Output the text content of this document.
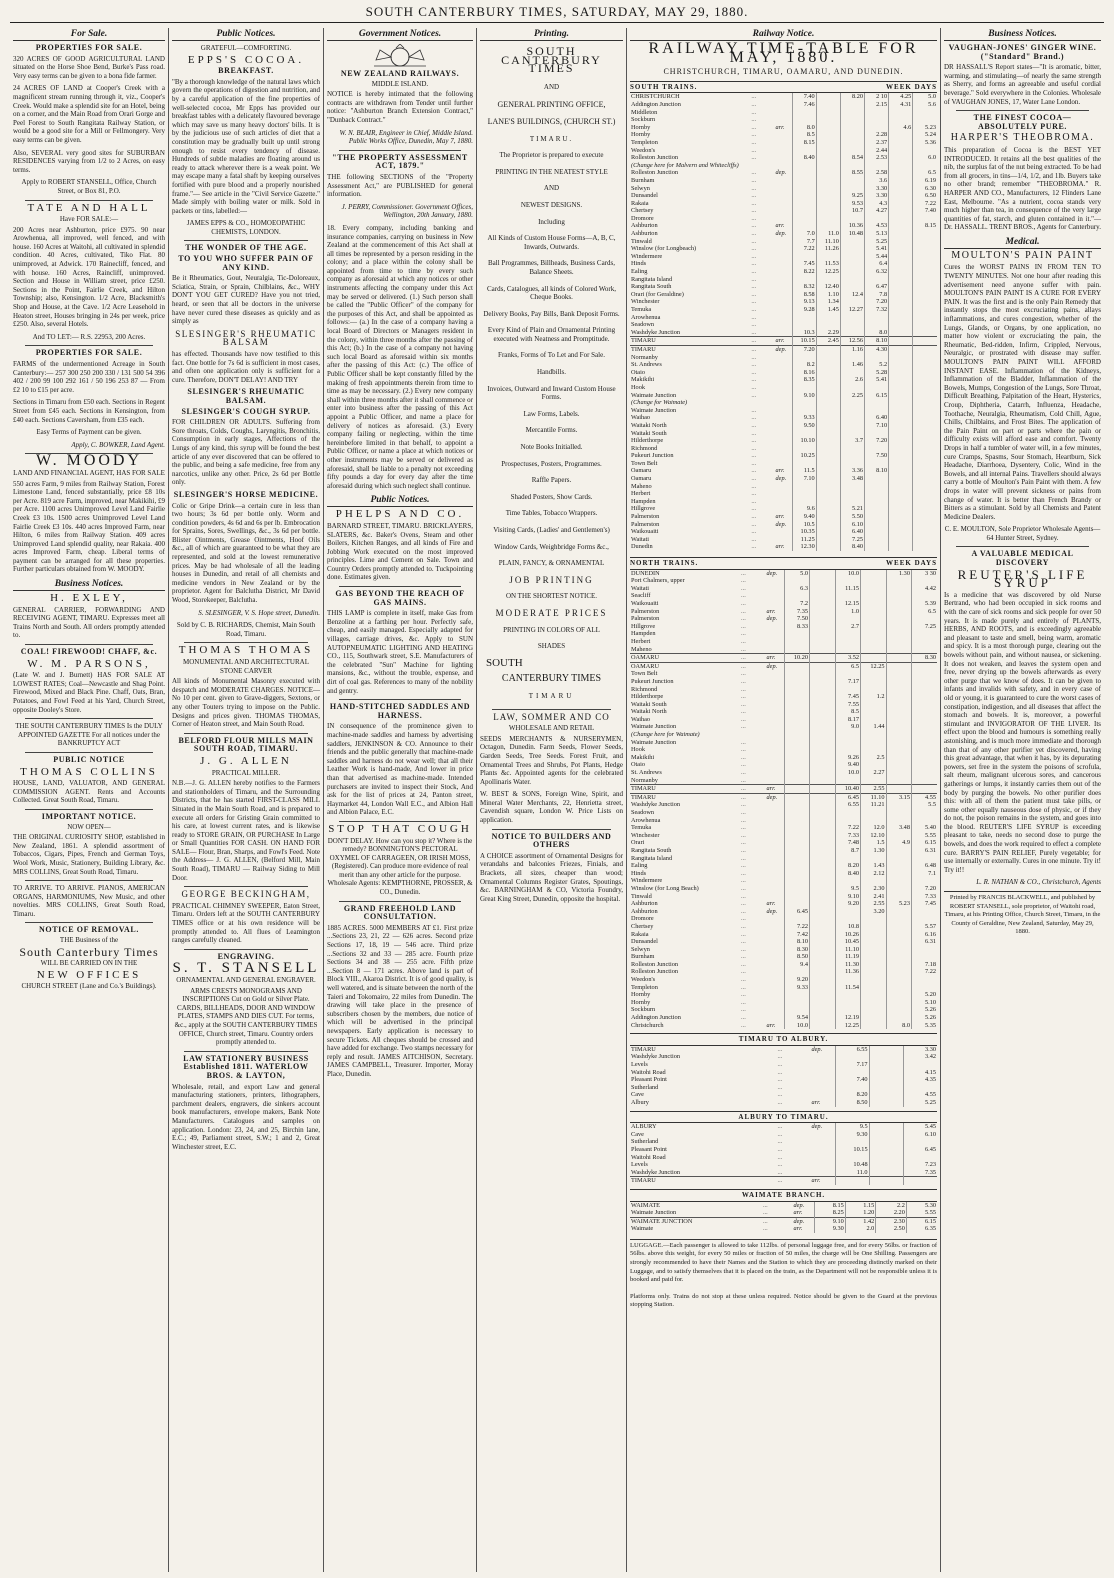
SOUTH CANTERBURY TIMES, SATURDAY, MAY 29, 1880.
For Sale.
PROPERTIES FOR SALE.
320 ACRES OF GOOD AGRICULTURAL LAND situated on the Horse Shoe Bend, Burke's Pass road. Very easy terms can be given to a bona fide farmer.
24 ACRES OF LAND at Cooper's Creek with a magnificent stream running through it, viz., Cooper's Creek. Would make a splendid site for an Hotel, being on a corner, and the Main Road from Orari Gorge and Peel Forest to South Rangitata Railway Station, or would be a good site for a Mill or Fellmongery. Very easy terms can be given.
Also, SEVERAL very good sites for SUBURBAN RESIDENCES varying from 1/2 to 2 Acres, on easy terms.
Apply to ROBERT STANSELL, Office, Church Street, or Box 81, P.O.
TATE AND HALL
Have FOR SALE:—
200 Acres near Ashburton, price £975. 90 near Arowhenua, all improved, well fenced, and with house. 160 Acres at Waitohi, all cultivated in splendid condition. 40 Acres, cultivated, Tiko Flat. 80 unimproved, at Adwick. 170 Rainecliff, fenced, and with house. 160 Acres, Raincliff, unimproved. Section and House in William street, price £250. Sections in the Point, Fairlie Creek, and Hilton Township; also, Kensington. 1/2 Acre, Blacksmith's Shop and House, at the Cave. 1/2 Acre Leasehold in Heaton street, Houses bringing in 24s per week, price £250. Also, several Hotels.
And TO LET:— R.S. 22953, 200 Acres.
PROPERTIES FOR SALE.
FARMS of the undermentioned Acreage in South Canterbury:— 257 300 250 200 330 / 131 500 54 396 402 / 200 99 100 292 161 / 50 196 253 87 — From £2 10 to £15 per acre.
Sections in Timaru from £50 each. Sections in Regent Street from £45 each. Sections in Kensington, from £40 each. Sections Caversham, from £35 each.
Easy Terms of Payment can be given.
Apply, C. BOWKER, Land Agent.
W. MOODY
LAND AND FINANCIAL AGENT, HAS FOR SALE
550 acres Farm, 9 miles from Railway Station, Forest Limestone Land, fenced substantially, price £8 10s per Acre. 819 acre Farm, improved, near Makikihi, £9 per Acre. 1100 acres Unimproved Level Land Fairlie Creek £3 10s. 1500 acres Unimproved Level Land Fairlie Creek £3 10s. 440 acres Improved Farm, near Hilton, 6 miles from Railway Station. 409 acres Unimproved Land splendid quality, near Rakaia. 400 acres Improved Farm, cheap. Liberal terms of payment can be arranged for all these properties. Further particulars obtained from W. MOODY.
Business Notices.
H. EXLEY,
GENERAL CARRIER, FORWARDING AND RECEIVING AGENT, TIMARU. Expresses meet all Trains North and South. All orders promptly attended to.
COAL! FIREWOOD! CHAFF, &c.
W. M. PARSONS,
(Late W. and J. Burnett) HAS FOR SALE AT LOWEST RATES; Coal—Newcastle and Shag Point. Firewood, Mixed and Black Pine. Chaff, Oats, Bran, Potatoes, and Fowl Feed at his Yard, Church Street, opposite Dooley's Store.
THE SOUTH CANTERBURY TIMES Is the DULY APPOINTED GAZETTE For all notices under the BANKRUPTCY ACT
PUBLIC NOTICE
THOMAS COLLINS
HOUSE, LAND, VALUATOR, AND GENERAL COMMISSION AGENT. Rents and Accounts Collected. Great South Road, Timaru.
IMPORTANT NOTICE.
NOW OPEN—
THE ORIGINAL CURIOSITY SHOP, established in New Zealand, 1861. A splendid assortment of Tobaccos, Cigars, Pipes, French and German Toys, Wool Work, Music, Stationery, Building Library, &c. MRS COLLINS, Great South Road, Timaru.
TO ARRIVE. TO ARRIVE. PIANOS, AMERICAN ORGANS, HARMONIUMS, New Music, and other novelties. MRS COLLINS, Great South Road, Timaru.
NOTICE OF REMOVAL.
THE Business of the
South Canterbury Times
WILL BE CARRIED ON IN THE
NEW OFFICES
CHURCH STREET (Lane and Co.'s Buildings).
Public Notices.
GRATEFUL—COMFORTING.
EPPS'S COCOA.
BREAKFAST.
"By a thorough knowledge of the natural laws which govern the operations of digestion and nutrition, and by a careful application of the fine properties of well-selected cocoa, Mr Epps has provided our breakfast tables with a delicately flavoured beverage which may save us many heavy doctors' bills. It is by the judicious use of such articles of diet that a constitution may be gradually built up until strong enough to resist every tendency of disease. Hundreds of subtle maladies are floating around us ready to attack wherever there is a weak point. We may escape many a fatal shaft by keeping ourselves fortified with pure blood and a properly nourished frame."— See article in the "Civil Service Gazette." Made simply with boiling water or milk. Sold in packets or tins, labelled:—
JAMES EPPS & CO., HOMOEOPATHIC CHEMISTS, LONDON.
THE WONDER OF THE AGE.
TO YOU WHO SUFFER PAIN OF ANY KIND.
Be it Rheumatics, Gout, Neuralgia, Tic-Doloreaux, Sciatica, Strain, or Sprain, Chilblains, &c., WHY DON'T YOU GET CURED? Have you not tried, heard, or seen that all be doctors in the universe have never cured these diseases as quickly and as simply as
SLESINGER'S RHEUMATIC BALSAM
has effected. Thousands have now testified to this fact. One bottle for 7s 6d is sufficient in most cases, and often one application only is sufficient for a cure. Therefore, DON'T DELAY! AND TRY
SLESINGER'S RHEUMATIC BALSAM.
SLESINGER'S COUGH SYRUP.
FOR CHILDREN OR ADULTS. Suffering from Sore throats, Colds, Coughs, Laryngitis, Bronchitis, Consumption in early stages, Affections of the Lungs of any kind, this syrup will be found the best article of any ever discovered that can be offered to the public, and being a safe medicine, free from any narcotics, unlike any other. Price, 2s 6d per Bottle only.
SLESINGER'S HORSE MEDICINE.
Colic or Gripe Drink—a certain cure in less than two hours; 3s 6d per bottle only. Worm and condition powders, 4s 6d and 6s per lb. Embrocation for Sprains, Sores, Swellings, &c., 3s 6d per bottle. Blister Ointments, Grease Ointments, Hoof Oils &c., all of which are guaranteed to be what they are represented, and sold at the lowest remunerative prices. May be had wholesale of all the leading houses in Dunedin, and retail of all chemists and medicine vendors in New Zealand or by the proprietor. Agent for Balclutha District, Mr David Wood, Storekeeper, Balclutha.
S. SLESINGER, V. S. Hope street, Dunedin.
Sold by C. B. RICHARDS, Chemist, Main South Road, Timaru.
THOMAS THOMAS
MONUMENTAL AND ARCHITECTURAL STONE CARVER
All kinds of Monumental Masonry executed with despatch and MODERATE CHARGES. NOTICE—No 10 per cent. given to Grave-diggers, Sextons, or any other Touters trying to impose on the Public. Designs and prices given. THOMAS THOMAS, Corner of Heaton street, and Main South Road.
BELFORD FLOUR MILLS MAIN SOUTH ROAD, TIMARU.
J. G. ALLEN
PRACTICAL MILLER.
N.B.—J. G. ALLEN hereby notifies to the Farmers and stationholders of Timaru, and the Surrounding Districts, that he has started FIRST-CLASS MILL Situated in the Main South Road, and is prepared to execute all orders for Gristing Grain committed to his care, at lowest current rates, and is likewise ready to STORE GRAIN, OR PURCHASE In Large or Small Quantities FOR CASH. ON HAND FOR SALE— Flour, Bran, Sharps, and Fowl's Feed. Note the Address— J. G. ALLEN, (Belford Mill, Main South Road), TIMARU — Railway Siding to Mill Door.
GEORGE BECKINGHAM,
PRACTICAL CHIMNEY SWEEPER, Eaton Street, Timaru. Orders left at the SOUTH CANTERBURY TIMES office or at his own residence will be promptly attended to. All flues of Leamington ranges carefully cleaned.
ENGRAVING.
S. T. STANSELL
ORNAMENTAL AND GENERAL ENGRAVER.
ARMS CRESTS MONOGRAMS AND INSCRIPTIONS Cut on Gold or Silver Plate. CARDS, BILLHEADS, DOOR AND WINDOW PLATES, STAMPS AND DIES CUT. For terms, &c., apply at the SOUTH CANTERBURY TIMES OFFICE, Church street, Timaru. Country orders promptly attended to.
LAW STATIONERY BUSINESS Established 1811. WATERLOW BROS. & LAYTON,
Wholesale, retail, and export Law and general manufacturing stationers, printers, lithographers, parchment dealers, engravers, die sinkers account book manufacturers, envelope makers, Bank Note Manufacturers. Catalogues and samples on application. London: 23, 24, and 25, Birchin lane, E.C.; 49, Parliament street, S.W.; 1 and 2, Great Winchester street, E.C.
Government Notices.
NEW ZEALAND RAILWAYS.
MIDDLE ISLAND.
NOTICE is hereby intimated that the following contracts are withdrawn from Tender until further notice: "Ashburton Branch Extension Contract," "Dunback Contract."
W. N. BLAIR, Engineer in Chief, Middle Island. Public Works Office, Dunedin, May 7, 1880.
"THE PROPERTY ASSESSMENT ACT, 1879."
THE following SECTIONS of the "Property Assessment Act," are PUBLISHED for general information.
J. PERRY, Commissioner. Government Offices, Wellington, 20th January, 1880.
18. Every company, including banking and insurance companies, carrying on business in New Zealand at the commencement of this Act shall at all times be represented by a person residing in the colony; and a place within the colony shall be appointed from time to time by every such company as aforesaid at which any notices or other instruments affecting the company under this Act may be served or delivered. (1.) Such person shall be called the "Public Officer" of the company for the purposes of this Act, and shall be appointed as follows:— (a.) In the case of a company having a local Board of Directors or Managers resident in the colony, within three months after the passing of this Act; (b.) In the case of a company not having such local Board as aforesaid within six months after the passing of this Act: (c.) The office of Public Officer shall be kept constantly filled by the making of fresh appointments therein from time to time as may be necessary. (2.) Every new company shall within three months after it shall commence or enter into business after the passing of this Act appoint a Public Officer, and name a place for delivery of notices as aforesaid. (3.) Every company failing or neglecting, within the time hereinbefore limited in that behalf, to appoint a Public Officer, or name a place at which notices or other instruments may be served or delivered as aforesaid, shall be liable to a penalty not exceeding fifty pounds a day for every day after the time aforesaid during which such neglect shall continue.
Public Notices.
PHELPS AND CO.
BARNARD STREET, TIMARU. BRICKLAYERS, SLATERS, &c. Baker's Ovens, Steam and other Boilers, Kitchen Ranges, and all kinds of Fire and Jobbing Work executed on the most improved principles. Lime and Cement on Sale. Town and Country Orders promptly attended to. Tuckpointing done. Estimates given.
GAS BEYOND THE REACH OF GAS MAINS.
THIS LAMP is complete in itself, make Gas from Benzoline at a farthing per hour. Perfectly safe, cheap, and easily managed. Especially adapted for villages, carriage drives, &c. Apply to SUN AUTOPNEUMATIC LIGHTING AND HEATING CO., 115, Southwark street, S.E. Manufacturers of the celebrated "Sun" Machine for lighting mansions, &c., without the trouble, expense, and dirt of coal gas. References to many of the nobility and gentry.
HAND-STITCHED SADDLES AND HARNESS.
IN consequence of the prominence given to machine-made saddles and harness by advertising saddlers, JENKINSON & CO. Announce to their friends and the public generally that machine-made saddles and harness do not wear well; that all their Leather Work is hand-made, And lower in price than that advertised as machine-made. Intended purchasers are invited to inspect their Stock, And ask for the list of prices at 24, Panton street, Haymarket 44, London Wall E.C., and Albion Hall and Albion Palace, E.C.
STOP THAT COUGH
DON'T DELAY. How can you stop it? Where is the remedy? BONNINGTON'S PECTORAL OXYMEL OF CARRAGEEN, OR IRISH MOSS, (Registered). Can produce more evidence of real merit than any other article for the purpose. Wholesale Agents: KEMPTHORNE, PROSSER, & CO., Dunedin.
GRAND FREEHOLD LAND CONSULTATION.
1885 ACRES. 5000 MEMBERS AT £1. First prize ...Sections 23, 21, 22 — 626 acres. Second prize Sections 17, 18, 19 — 546 acre. Third prize ...Sections 32 and 33 — 285 acre. Fourth prize Sections 34 and 38 — 255 acre. Fifth prize ...Section 8 — 171 acres. Above land is part of Block VIII., Akaroa District. It is of good quality, is well watered, and is situate between the north of the Taieri and Tokomairo, 22 miles from Dunedin. The drawing will take place in the presence of subscribers chosen by the members, due notice of which will be advertised in the principal newspapers. Early application is necessary to secure Tickets. All cheques should be crossed and have added for exchange. Two stamps necessary for reply and result. JAMES AITCHISON, Secretary. JAMES CAMPBELL, Treasurer. Importer, Moray Place, Dunedin.
Printing.
SOUTH CANTERBURY TIMES
AND
GENERAL PRINTING OFFICE,
LANE'S BUILDINGS, (CHURCH ST.)
TIMARU.
The Proprietor is prepared to execute
PRINTING IN THE NEATEST STYLE
AND
NEWEST DESIGNS.
Including
All Kinds of Custom House Forms—A, B, C, Inwards, Outwards.
Ball Programmes, Billheads, Business Cards, Balance Sheets.
Cards, Catalogues, all kinds of Colored Work, Cheque Books.
Delivery Books, Pay Bills, Bank Deposit Forms.
Every Kind of Plain and Ornamental Printing executed with Neatness and Promptitude.
Franks, Forms of To Let and For Sale.
Handbills.
Invoices, Outward and Inward Custom House Forms.
Law Forms, Labels.
Mercantile Forms.
Note Books Initialled.
Prospectuses, Posters, Programmes.
Raffle Papers.
Shaded Posters, Show Cards.
Time Tables, Tobacco Wrappers.
Visiting Cards, (Ladies' and Gentlemen's)
Window Cards, Weighbridge Forms &c.,
PLAIN, FANCY, & ORNAMENTAL
JOB PRINTING
ON THE SHORTEST NOTICE.
MODERATE PRICES
PRINTING IN COLORS OF ALL
SHADES
SOUTH
CANTERBURY TIMES
TIMARU
LAW, SOMMER AND CO
WHOLESALE AND RETAIL
SEEDS MERCHANTS & NURSERYMEN, Octagon, Dunedin. Farm Seeds, Flower Seeds, Garden Seeds, Tree Seeds. Forest Fruit, and Ornamental Trees and Shrubs, Pot Plants, Hedge Plants &c. Appointed agents for the celebrated Apollinaris Water.
W. BEST & SONS, Foreign Wine, Spirit, and Mineral Water Merchants, 22, Henrietta street, Cavendish square, London W. Price Lists on application.
NOTICE TO BUILDERS AND OTHERS
A CHOICE assortment of Ornamental Designs for verandahs and balconies Friezes, Finials, and Brackets, all sizes, cheaper than wood; Ornamental Columns Register Grates, Spoutings, &c. BARNINGHAM & CO, Victoria Foundry, Great King Street, Dunedin, opposite the hospital.
Railway Notice.
RAILWAY TIME-TABLE FOR MAY, 1880.
CHRISTCHURCH, TIMARU, OAMARU, AND DUNEDIN.
SOUTH TRAINS.	WEEK DAYS
CHRISTCHURCH	...		7.40		8.20	2 10	4.25	5.0
Addington Junction	...		7.46			2.15	4.31	5.6
Middleton	...							
Sockburn	...							
Hornby	...	arr.	8.0				4.6	5.23
Hornby	...		8.5			2.28		5.24
Templeton	...		8.15			2.37		5.36
Weedon's	...					2.44		
Rolleston Junction	...		8.40		8.54	2.53		6.0
(Change here for Malvern and Whitecliffs)								
Rolleston Junction	...	dep.			8.55	2.58		6.5
Burnham	...					3.6		6.19
Selwyn	...					3.30		6.30
Dunsandel	...				9.25	3.30		6.50
Rakaia	...				9.53	4.3		7.22
Chertsey	...				10.7	4.27		7.40
Dromore	...							
Ashburton	...	arr.			10.36	4.53		8.15
Ashburton	...	dep.	7.0	11.0	10.48	5.13		
Tinwald	...		7.7	11.10		5.25		
Winslow (for Longbeach)	...		7.22	11.26		5.41		
Windermere	...					5.44		
Hinds	...		7.45	11.53		6.4		
Ealing	...		8.22	12.25		6.32		
Rangitata Island	...							
Rangitata South	...		8.32	12.40		6.47		
Orari (for Geraldine)	...		8.58	1.10	12.4	7.8		
Winchester	...		9.13	1.34		7.20		
Temuka	...		9.28	1.45	12.27	7.32		
Arowhenua	...							
Seadown	...							
Washdyke Junction	...		10.3	2.29		8.0		
TIMARU	...	arr.	10.15	2.45	12.56	8.10		
TIMARU	...	dep.	7.20		1.16	4.30		
Normanby	...							
St. Andrews	...		8.2		1.46	5.2		
Otaio	...		8.16			5.28		
Makikihi	...		8.35		2.6	5.41		
Hook	...							
Waimate Junction	...		9.10		2.25	6.15		
(Change for Waimate)								
Waimate Junction	...							
Waihao	...		9.33			6.40		
Waitaki North	...		9.50			7.10		
Waitaki South	...							
Hilderthorpe	...		10.10		3.7	7.20		
Richmond	...							
Pukeuri Junction	...		10.25			7.50		
Town Belt	...							
Oamaru	...	arr.	11.5		3.36	8.10		
Oamaru	...	dep.	7.10		3.48			
Maheno	...							
Herbert	...							
Hampden	...							
Hillgrove	...		9.6		5.21			
Palmerston	...	arr.	9.40		5.50			
Palmerston	...	dep.	10.5		6.10			
Waikouaiti	...		10.35		6.40			
Waitati	...		11.25		7.25			
Dunedin	...	arr.	12.30		8.40			
NORTH TRAINS.	WEEK DAYS
DUNEDIN	...	dep.	5.0		10.0		1.30	3 30
Port Chalmers, upper	...							
Waitati	...		6.3		11.15			4.42
Seacliff	...							
Waikouaiti	...		7.2		12.15			5.39
Palmerston	...	arr.	7.35		1.0			6.5
Palmerston	...	dep.	7.50					
Hillgrove	...		8.33		2.7			7.25
Hampden	...							
Herbert	...							
Maheno	...							
OAMARU	...	arr.	10.20		3.52			8.30
OAMARU	...	dep.			6.5	12.25		
Town Belt	...							
Pukeuri Junction	...				7.17			
Richmond	...							
Hilderthorpe	...				7.45	1.2		
Waitaki South	...				7.55			
Waitaki North	...				8.5			
Waihao	...				8.17			
Waimate Junction	...				9.0	1.44		
(Change here for Waimate)								
Waimate Junction	...							
Hook	...							
Makikihi	...				9.26	2.5		
Otaio	...				9.40			
St. Andrews	...				10.0	2.27		
Normanby	...							
TIMARU	...	arr.			10.40	2.55		
TIMARU	...	dep.			6.45	11.10	3.15	4.55
Washdyke Junction	...				6.55	11.21		5.5
Seadown	...							
Arowhenua	...							
Temuka	...				7.22	12.0	3.48	5.40
Winchester	...				7.33	12.10		5.55
Orari	...				7.48	1.5	4.9	6.15
Rangitata South	...				8.7	1.30		6.31
Rangitata Island	...							
Ealing	...				8.20	1.43		6.48
Hinds	...				8.40	2.12		7.1
Windermere	...							
Winslow (for Long Beach)	...				9.5	2.30		7.20
Tinwald	...				9.10	2.41		7.33
Ashburton	...	arr.			9.20	2.55	5.23	7.45
Ashburton	...	dep.	6.45			3.20		
Dromore	...							
Chertsey	...		7.22		10.8			5.57
Rakaia	...		7.42		10.26			6.16
Dunsandel	...		8.10		10.45			6.31
Selwyn	...		8.30		11.10			
Burnham	...		8.50		11.19			
Rolleston Junction	...		9.4		11.30			7.18
Rolleston Junction	...				11.36			7.22
Weedon's	...		9.20					
Templeton	...		9.33		11.54			
Hornby	...							5.20
Hornby	...							5.10
Sockburn	...							5.26
Addington Junction	...		9.54		12.19			5.26
Christchurch	...	arr.	10.0		12.25		8.0	5.35
TIMARU TO ALBURY.
TIMARU	...	dep.	6.55		3.30
Washdyke Junction	...				3.42
Levels	...		7.17		
Waitohi Road	...				4.15
Pleasant Point	...		7.40		4.35
Sutherland	...				
Cave	...		8.20		4.55
Albury	...	arr.	8.50		5.25
ALBURY TO TIMARU.
ALBURY	...	dep.	9.5		5.45
Cave	...		9.30		6.10
Sutherland	...				
Pleasant Point	...		10.15		6.45
Waitohi Road	...				
Levels	...		10.48		7.23
Washdyke Junction	...		11.0		7.35
TIMARU	...	arr.			
WAIMATE BRANCH.
WAIMATE	...	dep.	8.15	1.15	2.2	5.30
Waimate Junction	...	arr.	8.25	1.20	2.20	5.55
WAIMATE JUNCTION	...	dep.	9.10	1.42	2.30	6.15
Waimate	...	arr.	9.30	2.0	2.50	6.35
LUGGAGE.—Each passenger is allowed to take 112lbs. of personal luggage free, and for every 56lbs. or fraction of 56lbs. above this weight, for every 50 miles or fraction of 50 miles, the charge will be One Shilling. Passengers are strongly recommended to have their Names and the Station to which they are proceeding distinctly marked on their Luggage, and to satisfy themselves that it is placed on the train, as the Department will not be responsible unless it is booked and paid for.
Platforms only. Trains do not stop at these unless required. Notice should be given to the Guard at the previous stopping Station.
Business Notices.
VAUGHAN-JONES' GINGER WINE. ("Standard" Brand.)
DR HASSALL'S Report states—"It is aromatic, bitter, warming, and stimulating—of nearly the same strength as Sherry, and forms an agreeable and useful cordial beverage." Sold everywhere in the Colonies. Wholesale of VAUGHAN JONES, 17, Water Lane London.
THE FINEST COCOA—ABSOLUTELY PURE.
HARPER'S THEOBROMA.
This preparation of Cocoa is the BEST YET INTRODUCED. It retains all the best qualities of the nib, the surplus fat of the nut being extracted. To be had from all grocers, in tins—1/4, 1/2, and 1lb. Buyers take no other brand; remember "THEOBROMA." R. HARPER AND CO., Manufacturers, 12 Flinders Lane East, Melbourne. "As a nutrient, cocoa stands very much higher than tea, in consequence of the very large quantities of fat, starch, and gluten contained in it."—Dr. HASSALL. TRENT BROS., Agents for Canterbury.
Medical.
MOULTON'S PAIN PAINT
Cures the WORST PAINS IN FROM TEN TO TWENTY MINUTES. Not one hour after reading this advertisement need anyone suffer with pain. MOULTON'S PAIN PAINT IS A CURE FOR EVERY PAIN. It was the first and is the only Pain Remedy that instantly stops the most excruciating pains, allays inflammations, and cures congestion, whether of the Lungs, Glands, or Organs, by one application, no matter how violent or excruciating the pain, the Rheumatic, Bed-ridden, Infirm, Crippled, Nervous, Neuralgic, or prostrated with disease may suffer. MOULTON'S PAIN PAINT WILL AFFORD INSTANT EASE. Inflammation of the Kidneys, Inflammation of the Bladder, Inflammation of the Bowels, Mumps, Congestion of the Lungs, Sore Throat, Difficult Breathing, Palpitation of the Heart, Hysterics, Croup, Diphtheria, Catarrh, Influenza, Headache, Toothache, Neuralgia, Rheumatism, Cold Chill, Ague, Chills, Chilblains, and Frost Bites. The application of the Pain Paint on part or parts where the pain or difficulty exists will afford ease and comfort. Twenty Drops in half a tumbler of water will, in a few minutes, cure Cramps, Spasms, Sour Stomach, Heartburn, Sick Headache, Diarrhoea, Dysentery, Colic, Wind in the Bowels, and all internal Pains. Travellers should always carry a bottle of Moulton's Pain Paint with them. A few drops in water will prevent sickness or pains from change of water. It is better than French Brandy or Bitters as a stimulant. Sold by all Chemists and Patent Medicine Dealers.
C. E. MOULTON, Sole Proprietor Wholesale Agents—64 Hunter Street, Sydney.
A VALUABLE MEDICAL DISCOVERY
REUTER'S LIFE SYRUP
Is a medicine that was discovered by old Nurse Bertrand, who had been occupied in sick rooms and with the care of sick rooms and sick people for over 50 years. It is made purely and entirely of PLANTS, HERBS, AND ROOTS, and is exceedingly agreeable and pleasant to taste and smell, being warm, aromatic and spicy. It is a most thorough purge, clearing out the bowels without pain, and without nausea, or sickening. It does not weaken, and leaves the system open and free, never drying up the bowels afterwards as every other purge that we know of does. It can be given to infants and invalids with safety, and in every case of old or young, it is guaranteed to cure the worst cases of constipation, indigestion, and all diseases that affect the stomach and bowels. It is, moreover, a powerful stimulant and INVIGORATOR OF THE LIVER. Its effect upon the blood and humours is something really astonishing, and is much more immediate and thorough than that of any other purifier yet discovered, having this great advantage, that when it has, by its depurating powers, set free in the system the poisons of scrofula, salt rheum, malignant ulcerous sores, and cancerous gatherings or lumps, it instantly carries them out of the body by purging the bowels. No other purifier does this: with all of them the patient must take pills, or some other equally nauseous dose of physic, or if they do not, the poison remains in the system, and goes into the blood. REUTER'S LIFE SYRUP is exceeding pleasant to take, needs no second dose to purge the bowels, and does the work required to effect a complete cure. BARRY'S PAIN RELIEF, Purely vegetable; for use internally or externally. Cures in one minute. Try it! Try it!!
L. R. NATHAN & CO., Christchurch, Agents
Printed by FRANCIS BLACKWELL, and published by ROBERT STANSELL, sole proprietor, of Waitohi road, Timaru, at his Printing Office, Church Street, Timaru, in the County of Geraldine, New Zealand, Saturday, May 29, 1880.
